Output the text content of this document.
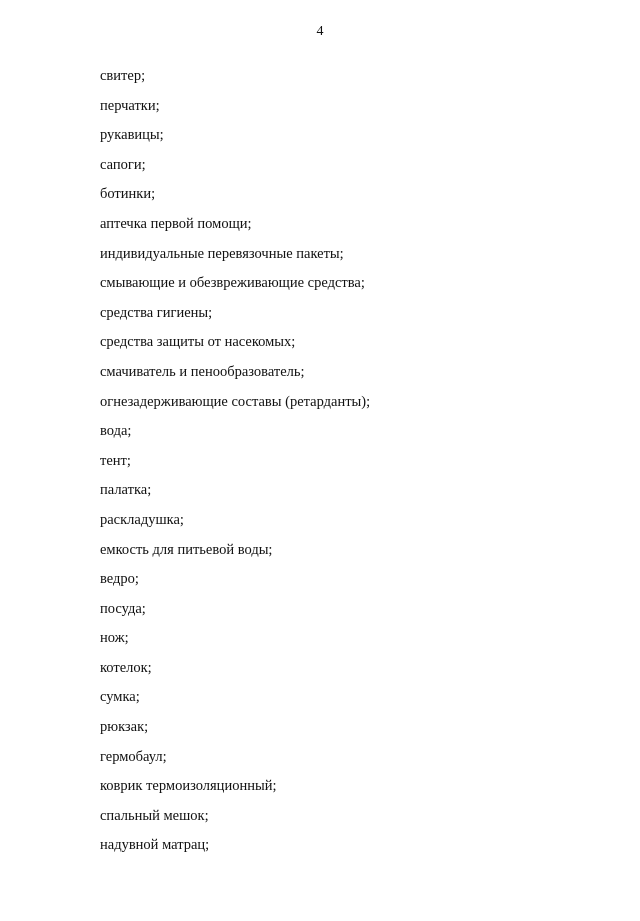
4
свитер;
перчатки;
рукавицы;
сапоги;
ботинки;
аптечка первой помощи;
индивидуальные перевязочные пакеты;
смывающие и обезвреживающие средства;
средства гигиены;
средства защиты от насекомых;
смачиватель и пенообразователь;
огнезадерживающие составы (ретарданты);
вода;
тент;
палатка;
раскладушка;
емкость для питьевой воды;
ведро;
посуда;
нож;
котелок;
сумка;
рюкзак;
гермобаул;
коврик термоизоляционный;
спальный мешок;
надувной матрац;
